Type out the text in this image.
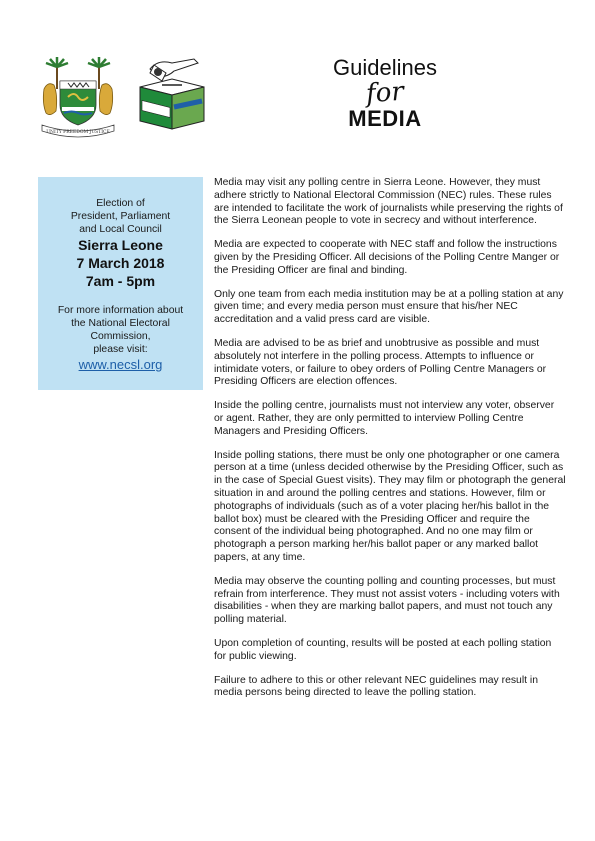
UNITY FREEDOM JUSTICE
Guidelines
for
MEDIA
Election of
President, Parliament
and Local Council
Sierra Leone
7 March 2018
7am - 5pm
For more information about
the National Electoral
Commission,
please visit:
www.necsl.org

Media may visit any polling centre in Sierra Leone. However, they must adhere strictly to National Electoral Commission (NEC) rules. These rules are intended to facilitate the work of journalists while preserving the rights of the Sierra Leonean people to vote in secrecy and without interference.

Media are expected to cooperate with NEC staff and follow the instructions given by the Presiding Officer. All decisions of the Polling Centre Manger or the Presiding Officer are final and binding.

Only one team from each media institution may be at a polling station at any given time; and every media person must ensure that his/her NEC accreditation and a valid press card are visible.

Media are advised to be as brief and unobtrusive as possible and must absolutely not interfere in the polling process. Attempts to influence or intimidate voters, or failure to obey orders of Polling Centre Managers or Presiding Officers are election offences.

Inside the polling centre, journalists must not interview any voter, observer or agent. Rather, they are only permitted to interview Polling Centre Managers and Presiding Officers.

Inside polling stations, there must be only one photographer or one camera person at a time (unless decided otherwise by the Presiding Officer, such as in the case of Special Guest visits). They may film or photograph the general situation in and around the polling centres and stations. However, film or photographs of individuals (such as of a voter placing her/his ballot in the ballot box) must be cleared with the Presiding Officer and require the consent of the individual being photographed. And no one may film or photograph a person marking her/his ballot paper or any marked ballot papers, at any time.

Media may observe the counting polling and counting processes, but must refrain from interference. They must not assist voters - including voters with disabilities - when they are marking ballot papers, and must not touch any polling material.

Upon completion of counting, results will be posted at each polling station for public viewing.

Failure to adhere to this or other relevant NEC guidelines may result in media persons being directed to leave the polling station.
